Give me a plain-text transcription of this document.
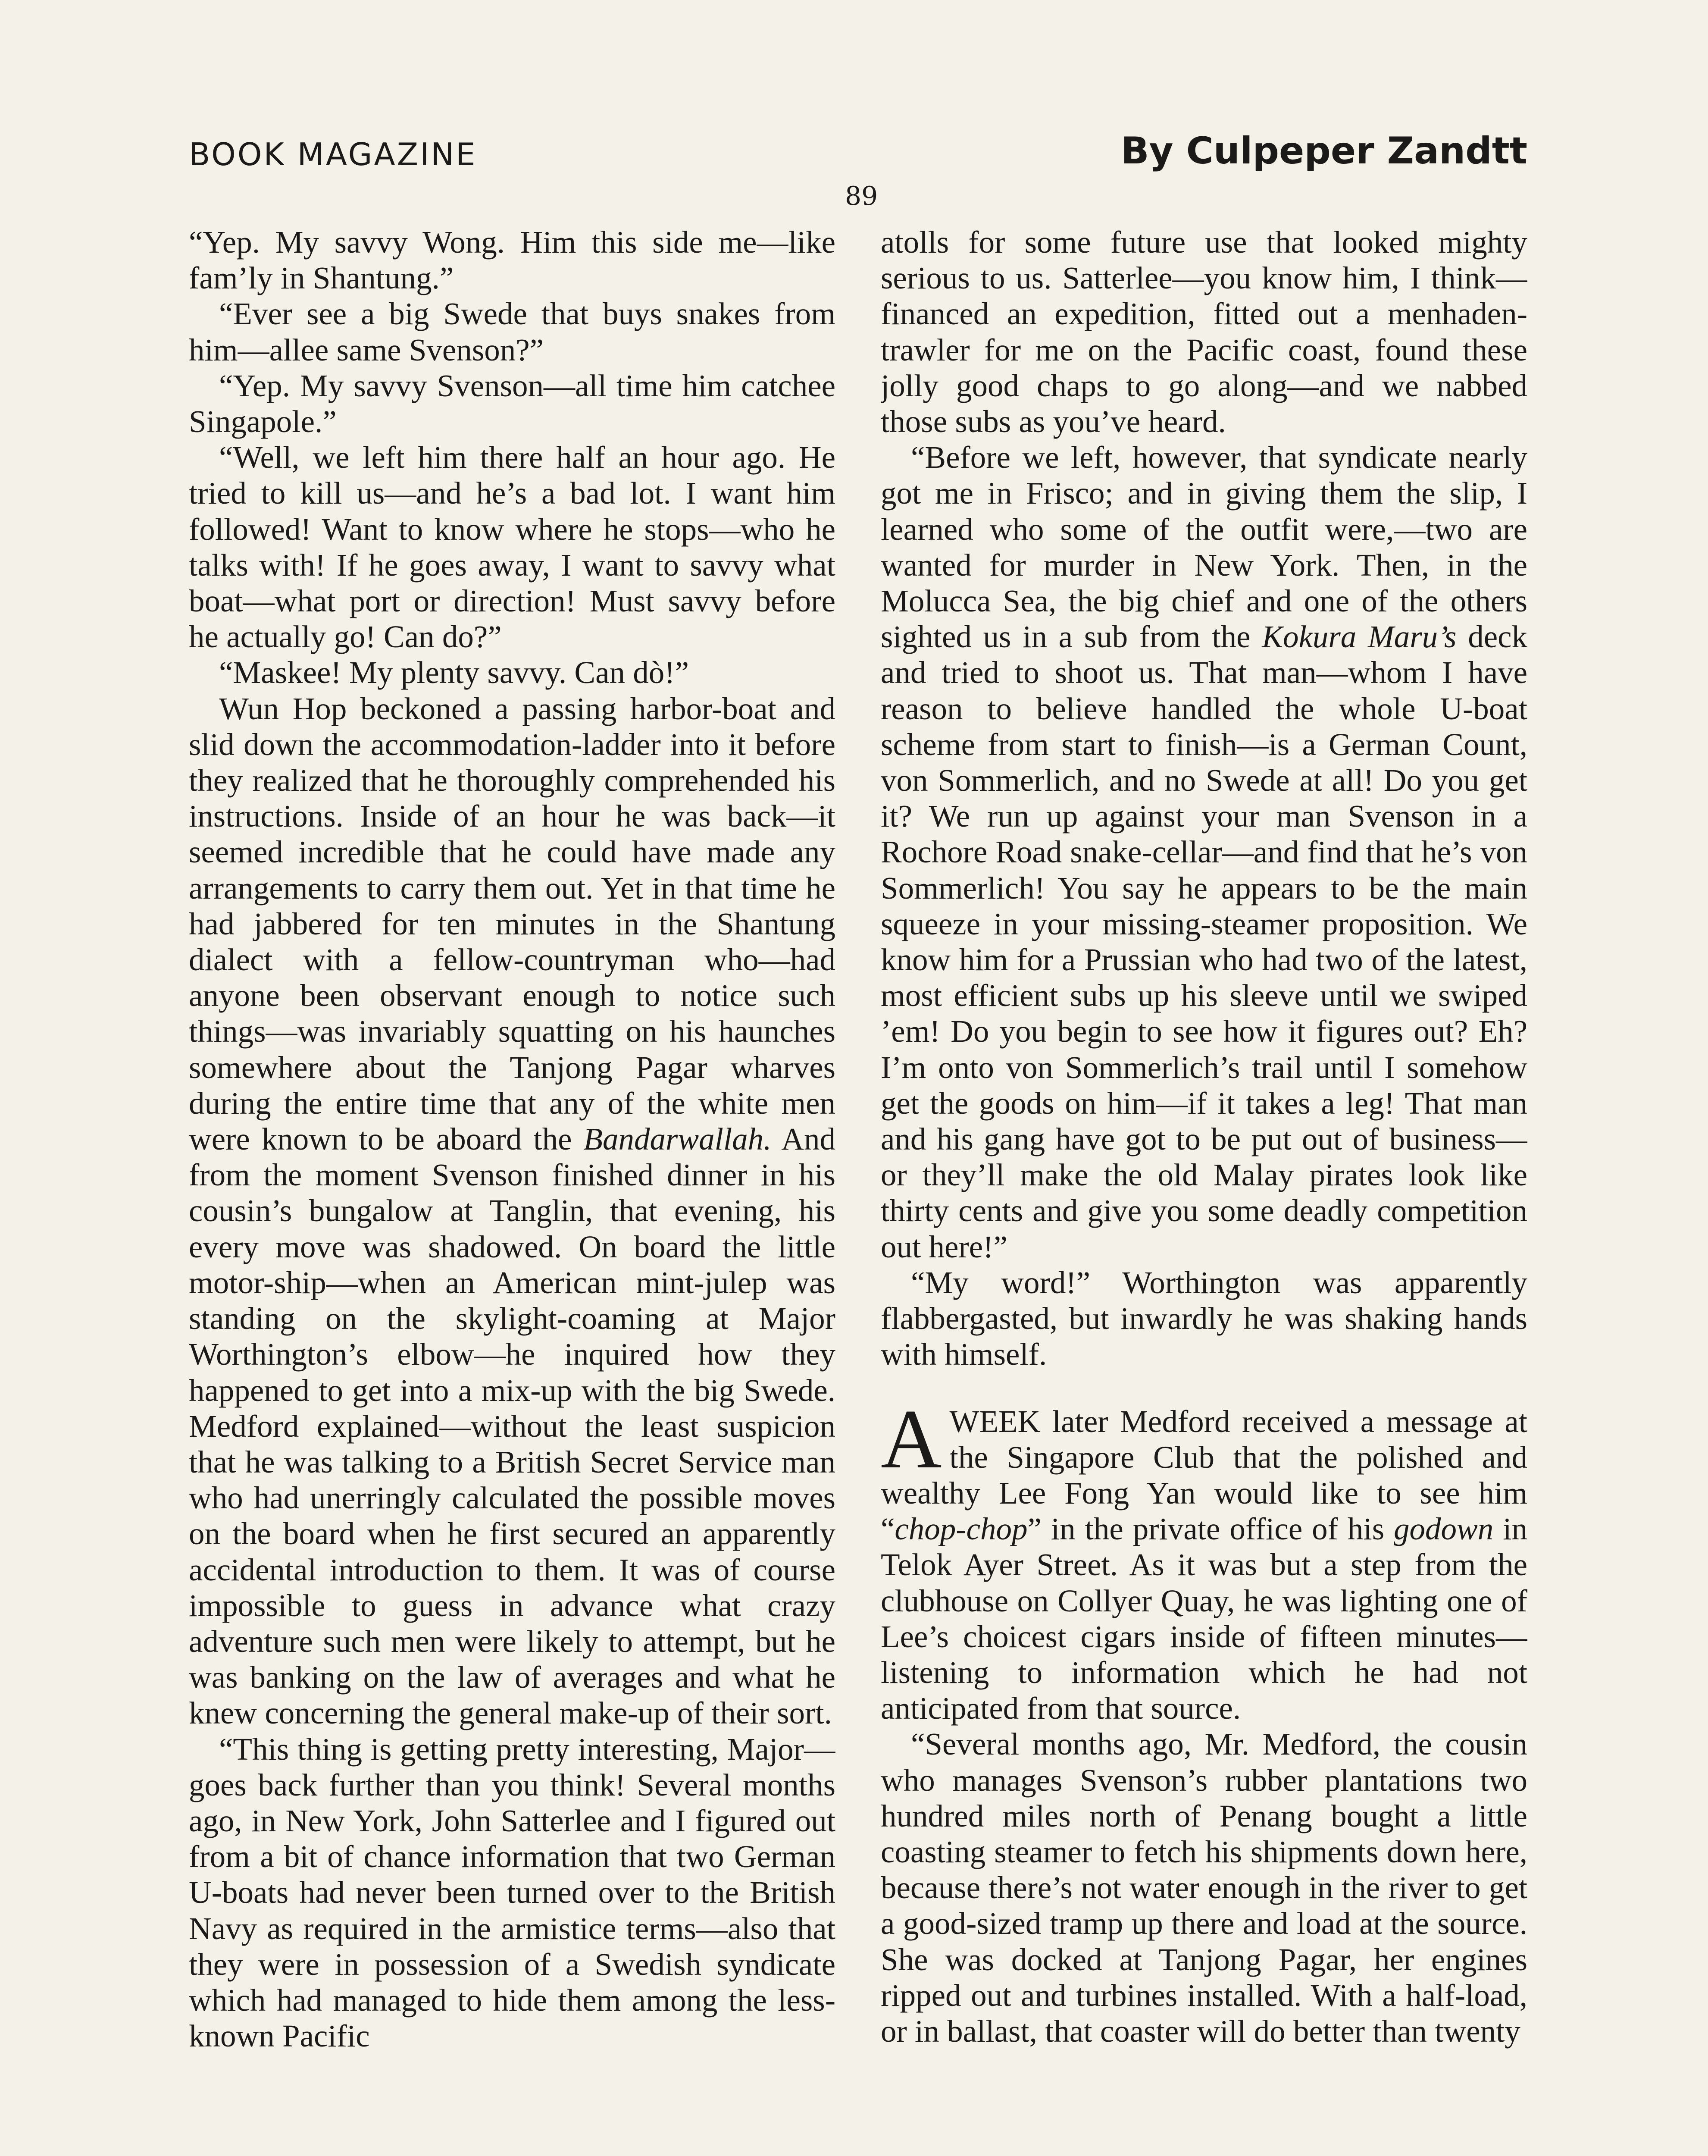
BOOK MAGAZINE	By Culpeper Zandtt
89

“Yep. My savvy Wong. Him this side me—like fam’ly in Shantung.”

“Ever see a big Swede that buys snakes from him—allee same Svenson?”

“Yep. My savvy Svenson—all time him catchee Singapole.”

“Well, we left him there half an hour ago. He tried to kill us—and he’s a bad lot. I want him followed! Want to know where he stops—who he talks with! If he goes away, I want to savvy what boat—what port or direction! Must savvy before he actually go! Can do?”

“Maskee! My plenty savvy. Can dò!”

Wun Hop beckoned a passing harbor-boat and slid down the accommodation-ladder into it before they realized that he thoroughly comprehended his instructions. Inside of an hour he was back—it seemed incredible that he could have made any arrangements to carry them out. Yet in that time he had jabbered for ten minutes in the Shantung dialect with a fellow-countryman who—had anyone been observant enough to notice such things—was invariably squatting on his haunches somewhere about the Tanjong Pagar wharves during the entire time that any of the white men were known to be aboard the Bandarwallah. And from the moment Svenson finished dinner in his cousin’s bungalow at Tanglin, that evening, his every move was shadowed. On board the little motor-ship—when an American mint-julep was standing on the skylight-coaming at Major Worthington’s elbow—he inquired how they happened to get into a mix-up with the big Swede. Medford explained—without the least suspicion that he was talking to a British Secret Service man who had unerringly calculated the possible moves on the board when he first secured an apparently accidental introduction to them. It was of course impossible to guess in advance what crazy adventure such men were likely to attempt, but he was banking on the law of averages and what he knew concerning the general make-up of their sort.

“This thing is getting pretty interesting, Major—goes back further than you think! Several months ago, in New York, John Satterlee and I figured out from a bit of chance information that two German U-boats had never been turned over to the British Navy as required in the armistice terms—also that they were in possession of a Swedish syndicate which had managed to hide them among the less-known Pacific

atolls for some future use that looked mighty serious to us. Satterlee—you know him, I think—financed an expedition, fitted out a menhaden-trawler for me on the Pacific coast, found these jolly good chaps to go along—and we nabbed those subs as you’ve heard.

“Before we left, however, that syndicate nearly got me in Frisco; and in giving them the slip, I learned who some of the outfit were,—two are wanted for murder in New York. Then, in the Molucca Sea, the big chief and one of the others sighted us in a sub from the Kokura Maru’s deck and tried to shoot us. That man—whom I have reason to believe handled the whole U-boat scheme from start to finish—is a German Count, von Sommerlich, and no Swede at all! Do you get it? We run up against your man Svenson in a Rochore Road snake-cellar—and find that he’s von Sommerlich! You say he appears to be the main squeeze in your missing-steamer proposition. We know him for a Prussian who had two of the latest, most efficient subs up his sleeve until we swiped ’em! Do you begin to see how it figures out? Eh? I’m onto von Sommerlich’s trail until I somehow get the goods on him—if it takes a leg! That man and his gang have got to be put out of business—or they’ll make the old Malay pirates look like thirty cents and give you some deadly competition out here!”

“My word!” Worthington was apparently flabbergasted, but inwardly he was shaking hands with himself.

AWEEK later Medford received a message at the Singapore Club that the polished and wealthy Lee Fong Yan would like to see him “chop-chop” in the private office of his godown in Telok Ayer Street. As it was but a step from the clubhouse on Collyer Quay, he was lighting one of Lee’s choicest cigars inside of fifteen minutes—listening to information which he had not anticipated from that source.

“Several months ago, Mr. Medford, the cousin who manages Svenson’s rubber plantations two hundred miles north of Penang bought a little coasting steamer to fetch his shipments down here, because there’s not water enough in the river to get a good-sized tramp up there and load at the source. She was docked at Tanjong Pagar, her engines ripped out and turbines installed. With a half-load, or in ballast, that coaster will do better than twenty
